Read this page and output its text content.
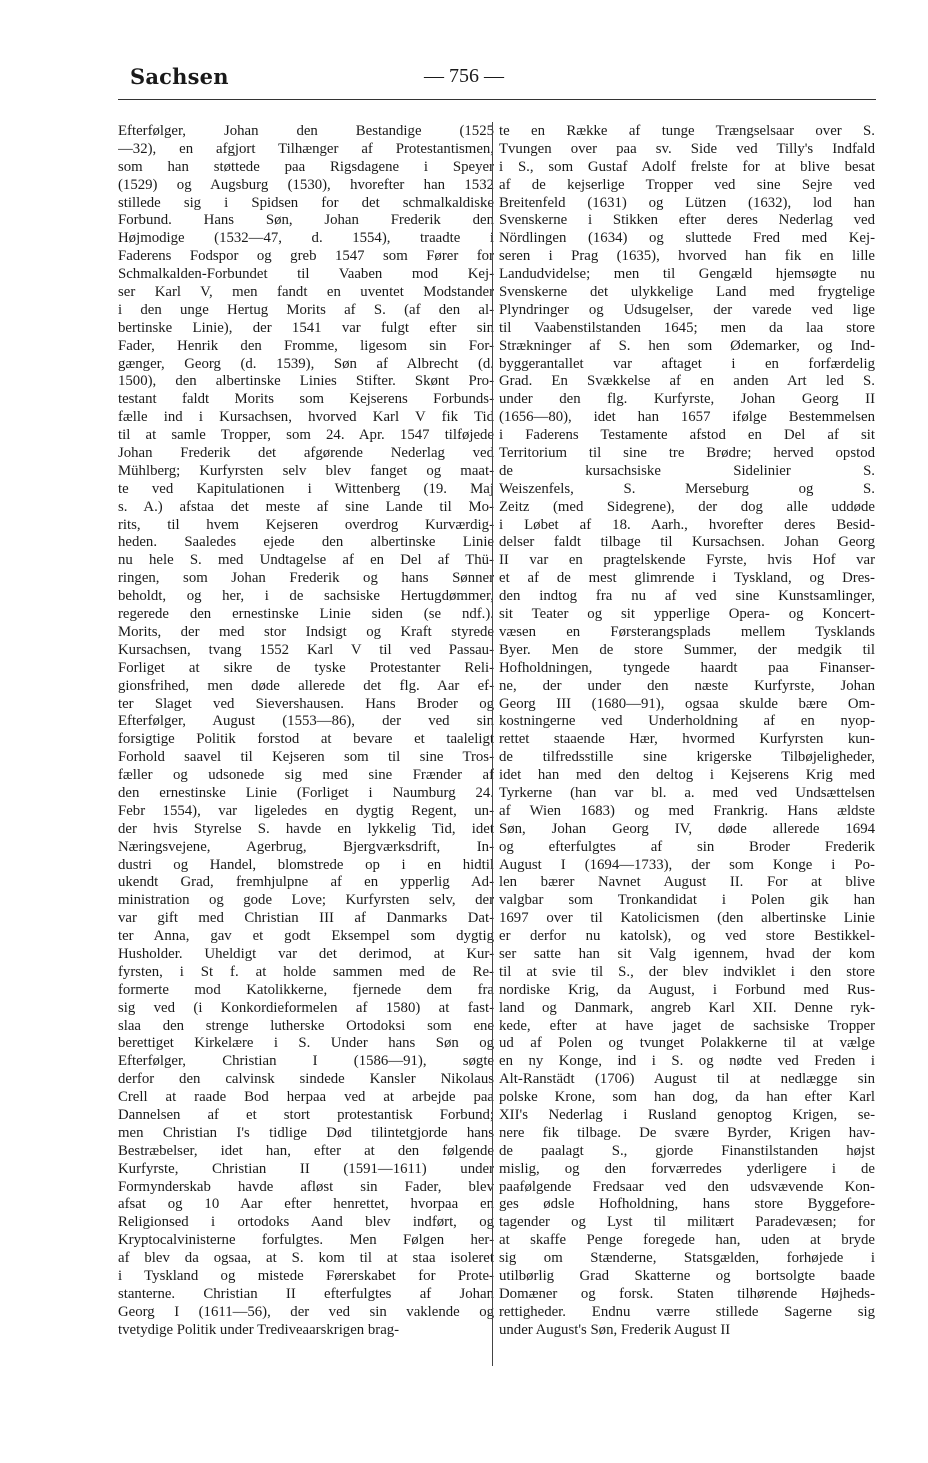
Sachsen	— 756 —
Efterfølger, Johan den Bestandige (1525
—32), en afgjort Tilhænger af Protestantismen,
som han støttede paa Rigsdagene i Speyer
(1529) og Augsburg (1530), hvorefter han 1532
stillede sig i Spidsen for det schmalkaldiske
Forbund. Hans Søn, Johan Frederik den
Højmodige (1532—47, d. 1554), traadte i
Faderens Fodspor og greb 1547 som Fører for
Schmalkalden-Forbundet til Vaaben mod Kej-
ser Karl V, men fandt en uventet Modstander
i den unge Hertug Morits af S. (af den al-
bertinske Linie), der 1541 var fulgt efter sin
Fader, Henrik den Fromme, ligesom sin For-
gænger, Georg (d. 1539), Søn af Albrecht (d.
1500), den albertinske Linies Stifter. Skønt Pro-
testant faldt Morits som Kejserens Forbunds-
fælle ind i Kursachsen, hvorved Karl V fik Tid
til at samle Tropper, som 24. Apr. 1547 tilføjede
Johan Frederik det afgørende Nederlag ved
Mühlberg; Kurfyrsten selv blev fanget og maat-
te ved Kapitulationen i Wittenberg (19. Maj
s. A.) afstaa det meste af sine Lande til Mo-
rits, til hvem Kejseren overdrog Kurværdig-
heden. Saaledes ejede den albertinske Linie
nu hele S. med Undtagelse af en Del af Thü-
ringen, som Johan Frederik og hans Sønner
beholdt, og her, i de sachsiske Hertugdømmer,
regerede den ernestinske Linie siden (se ndf.).
Morits, der med stor Indsigt og Kraft styrede
Kursachsen, tvang 1552 Karl V til ved Passau-
Forliget at sikre de tyske Protestanter Reli-
gionsfrihed, men døde allerede det flg. Aar ef-
ter Slaget ved Sievershausen. Hans Broder og
Efterfølger, August (1553—86), der ved sin
forsigtige Politik forstod at bevare et taaleligt
Forhold saavel til Kejseren som til sine Tros-
fæller og udsonede sig med sine Frænder af
den ernestinske Linie (Forliget i Naumburg 24.
Febr 1554), var ligeledes en dygtig Regent, un-
der hvis Styrelse S. havde en lykkelig Tid, idet
Næringsvejene, Agerbrug, Bjergværksdrift, In-
dustri og Handel, blomstrede op i en hidtil
ukendt Grad, fremhjulpne af en ypperlig Ad-
ministration og gode Love; Kurfyrsten selv, der
var gift med Christian III af Danmarks Dat-
ter Anna, gav et godt Eksempel som dygtig
Husholder. Uheldigt var det derimod, at Kur-
fyrsten, i St f. at holde sammen med de Re-
formerte mod Katolikkerne, fjernede dem fra
sig ved (i Konkordieformelen af 1580) at fast-
slaa den strenge lutherske Ortodoksi som ene
berettiget Kirkelære i S. Under hans Søn og
Efterfølger, Christian I (1586—91), søgte
derfor den calvinsk sindede Kansler Nikolaus
Crell at raade Bod herpaa ved at arbejde paa
Dannelsen af et stort protestantisk Forbund;
men Christian I's tidlige Død tilintetgjorde hans
Bestræbelser, idet han, efter at den følgende
Kurfyrste, Christian II (1591—1611) under
Formynderskab havde afløst sin Fader, blev
afsat og 10 Aar efter henrettet, hvorpaa en
Religionsed i ortodoks Aand blev indført, og
Kryptocalvinisterne forfulgtes. Men Følgen her-
af blev da ogsaa, at S. kom til at staa isoleret
i Tyskland og mistede Førerskabet for Prote-
stanterne. Christian II efterfulgtes af Johan
Georg I (1611—56), der ved sin vaklende og
tvetydige Politik under Trediveaarskrigen brag-
te en Række af tunge Trængselsaar over S.
Tvungen over paa sv. Side ved Tilly's Indfald
i S., som Gustaf Adolf frelste for at blive besat
af de kejserlige Tropper ved sine Sejre ved
Breitenfeld (1631) og Lützen (1632), lod han
Svenskerne i Stikken efter deres Nederlag ved
Nördlingen (1634) og sluttede Fred med Kej-
seren i Prag (1635), hvorved han fik en lille
Landudvidelse; men til Gengæld hjemsøgte nu
Svenskerne det ulykkelige Land med frygtelige
Plyndringer og Udsugelser, der varede ved lige
til Vaabenstilstanden 1645; men da laa store
Strækninger af S. hen som Ødemarker, og Ind-
byggerantallet var aftaget i en forfærdelig
Grad. En Svækkelse af en anden Art led S.
under den flg. Kurfyrste, Johan Georg II
(1656—80), idet han 1657 ifølge Bestemmelsen
i Faderens Testamente afstod en Del af sit
Territorium til sine tre Brødre; herved opstod
de kursachsiske Sidelinier S.
Weiszenfels, S. Merseburg og S.
Zeitz (med Sidegrene), der dog alle uddøde
i Løbet af 18. Aarh., hvorefter deres Besid-
delser faldt tilbage til Kursachsen. Johan Georg
II var en pragtelskende Fyrste, hvis Hof var
et af de mest glimrende i Tyskland, og Dres-
den indtog fra nu af ved sine Kunstsamlinger,
sit Teater og sit ypperlige Opera- og Koncert-
væsen en Førsterangsplads mellem Tysklands
Byer. Men de store Summer, der medgik til
Hofholdningen, tyngede haardt paa Finanser-
ne, der under den næste Kurfyrste, Johan
Georg III (1680—91), ogsaa skulde bære Om-
kostningerne ved Underholdning af en nyop-
rettet staaende Hær, hvormed Kurfyrsten kun-
de tilfredsstille sine krigerske Tilbøjeligheder,
idet han med den deltog i Kejserens Krig med
Tyrkerne (han var bl. a. med ved Undsættelsen
af Wien 1683) og med Frankrig. Hans ældste
Søn, Johan Georg IV, døde allerede 1694
og efterfulgtes af sin Broder Frederik
August I (1694—1733), der som Konge i Po-
len bærer Navnet August II. For at blive
valgbar som Tronkandidat i Polen gik han
1697 over til Katolicismen (den albertinske Linie
er derfor nu katolsk), og ved store Bestikkel-
ser satte han sit Valg igennem, hvad der kom
til at svie til S., der blev indviklet i den store
nordiske Krig, da August, i Forbund med Rus-
land og Danmark, angreb Karl XII. Denne ryk-
kede, efter at have jaget de sachsiske Tropper
ud af Polen og tvunget Polakkerne til at vælge
en ny Konge, ind i S. og nødte ved Freden i
Alt-Ranstädt (1706) August til at nedlægge sin
polske Krone, som han dog, da han efter Karl
XII's Nederlag i Rusland genoptog Krigen, se-
nere fik tilbage. De svære Byrder, Krigen hav-
de paalagt S., gjorde Finanstilstanden højst
mislig, og den forværredes yderligere i de
paafølgende Fredsaar ved den udsvævende Kon-
ges ødsle Hofholdning, hans store Byggefore-
tagender og Lyst til militært Paradevæsen; for
at skaffe Penge foregede han, uden at bryde
sig om Stænderne, Statsgælden, forhøjede i
utilbørlig Grad Skatterne og bortsolgte baade
Domæner og forsk. Staten tilhørende Højheds-
rettigheder. Endnu værre stillede Sagerne sig
under August's Søn, Frederik August II
